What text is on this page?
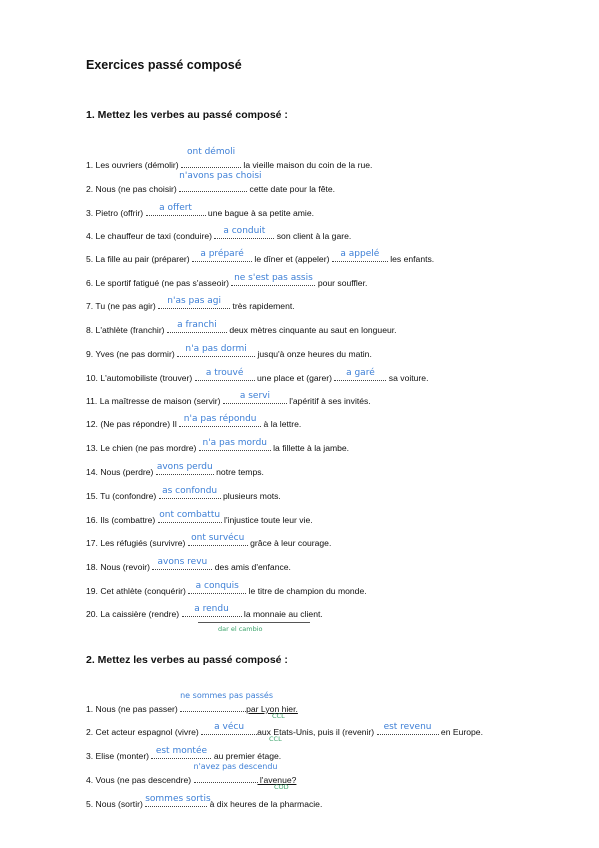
Exercices passé composé
1. Mettez les verbes au passé composé :
1. Les ouvriers (démolir)
ont démoli
la vieille maison du coin de la rue.
2. Nous (ne pas choisir)
n'avons pas choisi
cette date pour la fête.
3. Pietro (offrir)	a offert	une bague à sa petite amie.
4. Le chauffeur de taxi (conduire)	a conduit	son client à la gare.
5. La fille au pair (préparer) a préparé le dîner et (appeler) a appelé les enfants.
6. Le sportif fatigué (ne pas s'asseoir) ne s'est pas assis pour souffler.
7. Tu (ne pas agir)	n'as pas agi	très rapidement.
8. L'athlète (franchir)	a franchi	deux mètres cinquante au saut en longueur.
9. Yves (ne pas dormir) n'a pas dormi jusqu'à onze heures du matin.
10. L'automobiliste (trouver)	a trouvé	une place et (garer)	a garé	sa voiture.
11. La maîtresse de maison (servir)	a servi	l'apéritif à ses invités.
12. (Ne pas répondre) Il n'a pas répondu à la lettre.
13. Le chien (ne pas mordre) n'a pas mordu la fillette à la jambe.
14. Nous (perdre) avons perdu notre temps.
15. Tu (confondre) as confondu plusieurs mots.
16. Ils (combattre) ont combattu l'injustice toute leur vie.
17. Les réfugiés (survivre) ont survécu grâce à leur courage.
18. Nous (revoir) avons revu des amis d'enfance.
19. Cet athlète (conquérir) a conquis le titre de champion du monde.
20. La caissière (rendre)	a rendu	la monnaie au client.
dar el cambio
2. Mettez les verbes au passé composé :
1. Nous (ne pas passer)
ne sommes pas passés
par Lyon hier.
CCL
2. Cet acteur espagnol (vivre)	a vécu	aux Etats-Unis, puis il (revenir) est revenu en Europe.
CCL
3. Elise (monter) est montée au premier étage.
4. Vous (ne pas descendre)
n'avez pas descendu
l'avenue?
COD
5. Nous (sortir) sommes sortis
à dix heures de la pharmacie.
